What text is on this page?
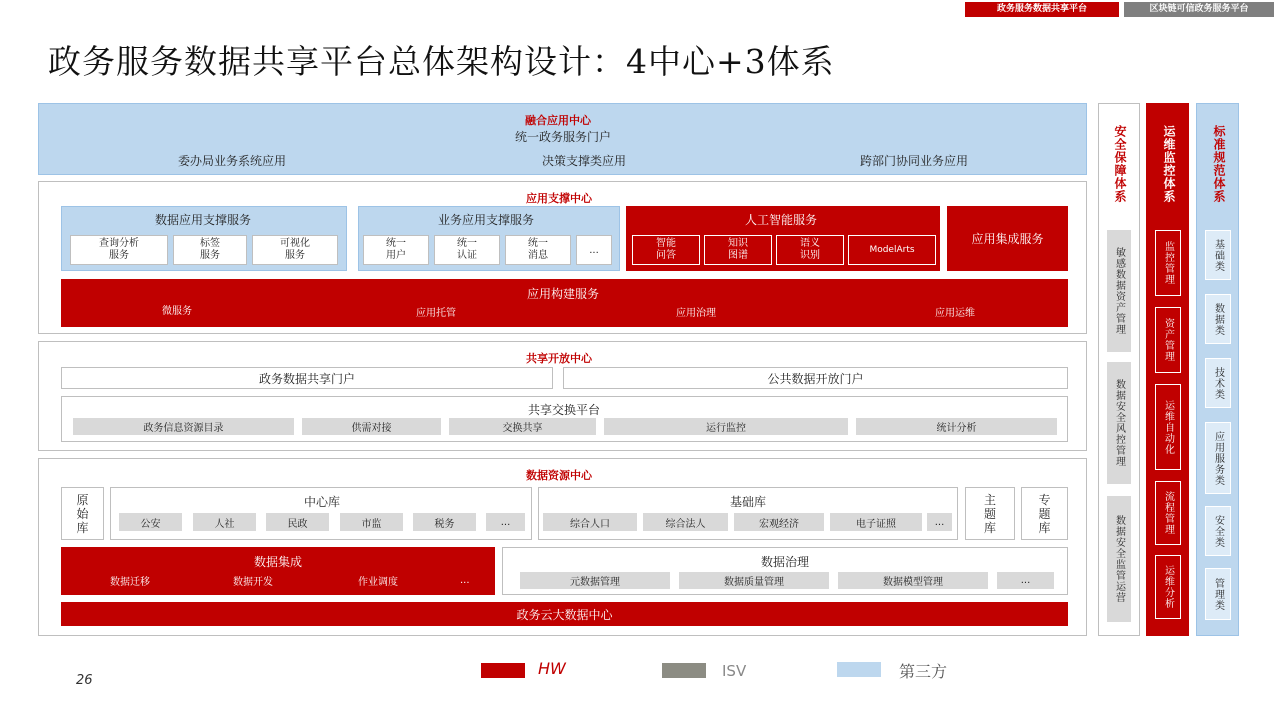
政务服务数据共享平台	区块链可信政务服务平台
政务服务数据共享平台总体架构设计：4中心+3体系
融合应用中心
统一政务服务门户
委办局业务系统应用	决策支撑类应用	跨部门协同业务应用
应用支撑中心
数据应用支撑服务
查询分析
服务
标签
服务
可视化
服务
业务应用支撑服务
统一
用户
统一
认证
统一
消息	...
人工智能服务
智能
问答
知识
图谱
语义
识别	ModelArts
应用集成服务
应用构建服务
微服务	应用托管	应用治理	应用运维
共享开放中心
政务数据共享门户	公共数据开放门户
共享交换平台
政务信息资源目录	供需对接	交换共享	运行监控	统计分析
数据资源中心
原
始
库
中心库
公安	人社	民政	市监	税务	...
基础库
综合人口	综合法人	宏观经济	电子证照	...
主
题
库
专
题
库
数据集成
数据迁移	数据开发	作业调度	...
数据治理
元数据管理	数据质量管理	数据模型管理	...
政务云大数据中心
安全保障体系
敏感数据资产管理
数据安全风控管理
数据安全监管运营
运维监控体系
监控管理
资产管理
运维自动化
流程管理
运维分析
标准规范体系
基础类
数据类
技术类
应用服务类
安全类
管理类
HW	ISV	第三方
26
